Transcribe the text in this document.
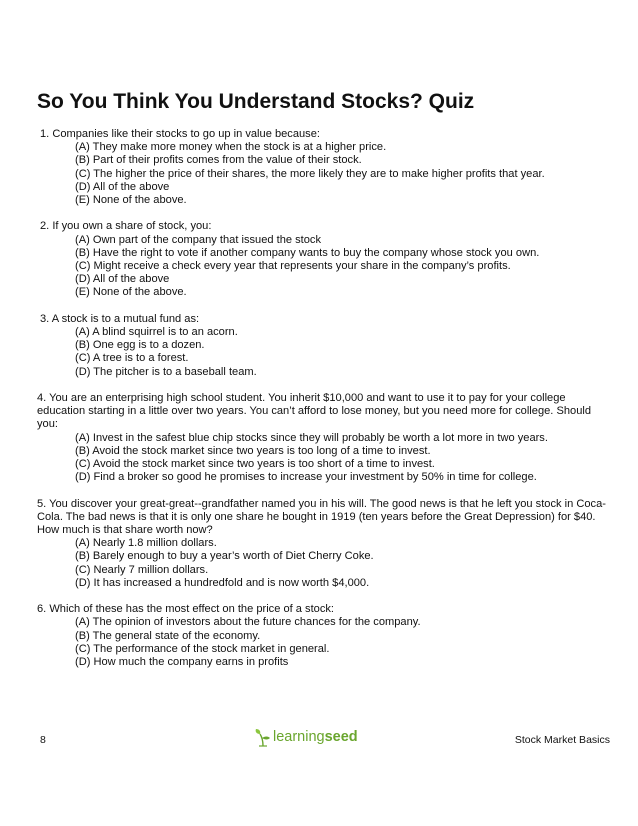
So You Think You Understand Stocks? Quiz

1. Companies like their stocks to go up in value because:

(A) They make more money when the stock is at a higher price.

(B) Part of their profits comes from the value of their stock.

(C) The higher the price of their shares, the more likely they are to make higher profits that year.

(D) All of the above

(E) None of the above.

2. If you own a share of stock, you:

(A) Own part of the company that issued the stock

(B) Have the right to vote if another company wants to buy the company whose stock you own.

(C) Might receive a check every year that represents your share in the company’s profits.

(D) All of the above

(E) None of the above.

3. A stock is to a mutual fund as:

(A) A blind squirrel is to an acorn.

(B) One egg is to a dozen.

(C) A tree is to a forest.

(D) The pitcher is to a baseball team.

4. You are an enterprising high school student. You inherit $10,000 and want to use it to pay for your college education starting in a little over two years. You can’t afford to lose money, but you need more for college. Should you:

(A) Invest in the safest blue chip stocks since they will probably be worth a lot more in two years.

(B) Avoid the stock market since two years is too long of a time to invest.

(C) Avoid the stock market since two years is too short of a time to invest.

(D) Find a broker so good he promises to increase your investment by 50% in time for college.

5. You discover your great-great--grandfather named you in his will. The good news is that he left you stock in Coca-Cola. The bad news is that it is only one share he bought in 1919 (ten years before the Great Depression) for $40. How much is that share worth now?

(A) Nearly 1.8 million dollars.

(B) Barely enough to buy a year’s worth of Diet Cherry Coke.

(C) Nearly 7 million dollars.

(D) It has increased a hundredfold and is now worth $4,000.

6. Which of these has the most effect on the price of a stock:

(A) The opinion of investors about the future chances for the company.

(B) The general state of the economy.

(C) The performance of the stock market in general.

(D) How much the company earns in profits

8	learningseed	Stock Market Basics
